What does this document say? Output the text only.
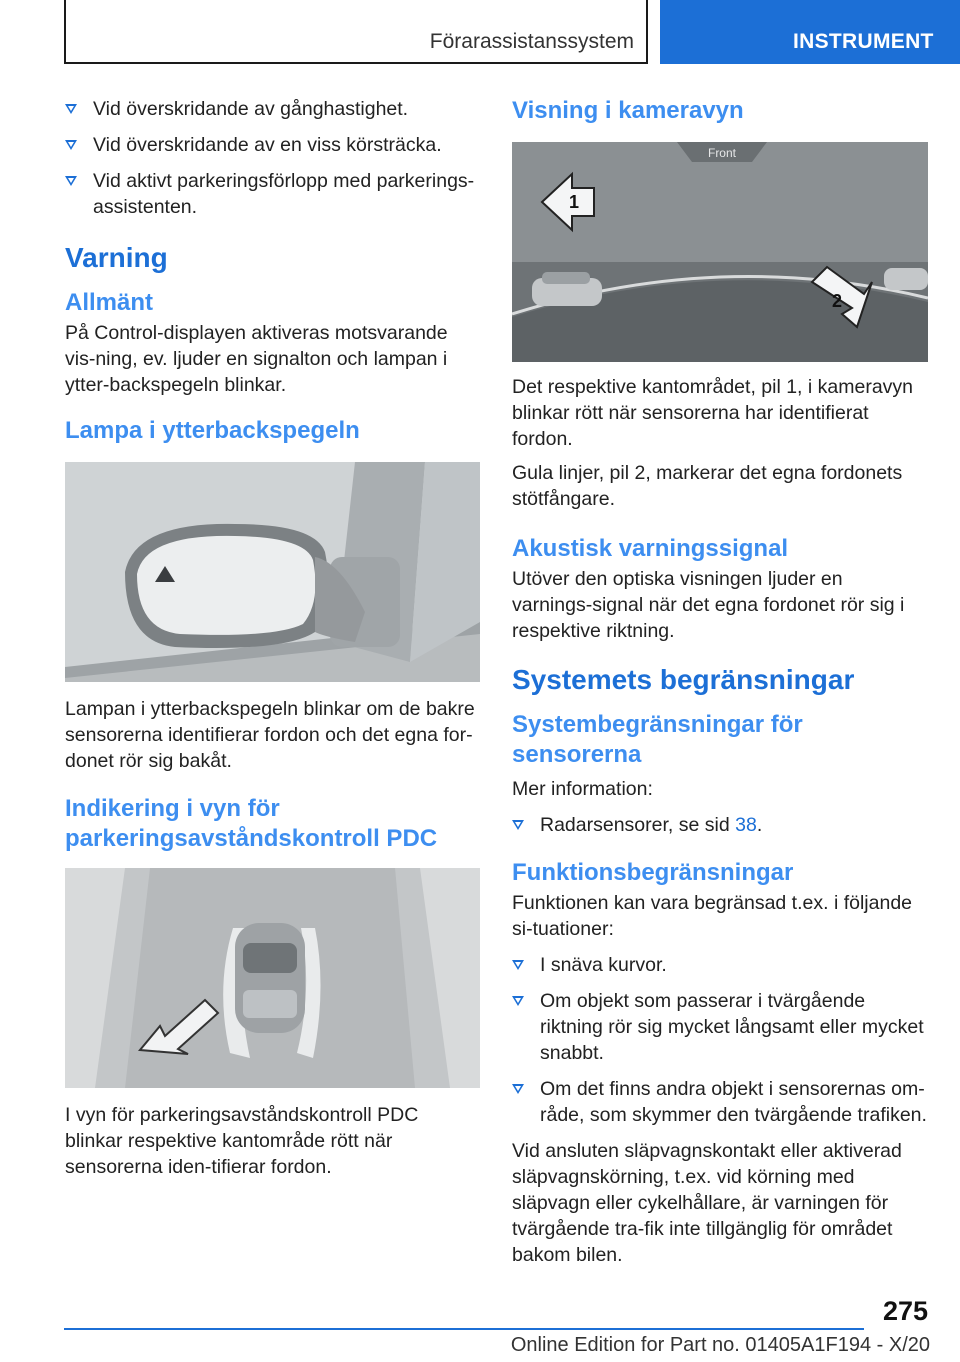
Förarassistanssystem	INSTRUMENT
Vid överskridande av gånghastighet.
Vid överskridande av en viss körsträcka.
Vid aktivt parkeringsförlopp med parkerings-assistenten.
Varning
Allmänt

På Control-displayen aktiveras motsvarande vis-ning, ev. ljuder en signalton och lampan i ytter-backspegeln blinkar.

Lampa i ytterbackspegeln

Lampan i ytterbackspegeln blinkar om de bakre sensorerna identifierar fordon och det egna for-donet rör sig bakåt.

Indikering i vyn för parkeringsavståndskontroll PDC

I vyn för parkeringsavståndskontroll PDC blinkar respektive kantområde rött när sensorerna iden-tifierar fordon.

Visning i kameravyn
Front
1
2

Det respektive kantområdet, pil 1, i kameravyn blinkar rött när sensorerna har identifierat fordon.

Gula linjer, pil 2, markerar det egna fordonets stötfångare.

Akustisk varningssignal

Utöver den optiska visningen ljuder en varnings-signal när det egna fordonet rör sig i respektive riktning.

Systemets begränsningar
Systembegränsningar för sensorerna

Mer information:

Radarsensorer, se sid 38.
Funktionsbegränsningar

Funktionen kan vara begränsad t.ex. i följande si-tuationer:

I snäva kurvor.
Om objekt som passerar i tvärgående riktning rör sig mycket långsamt eller mycket snabbt.
Om det finns andra objekt i sensorernas om-råde, som skymmer den tvärgående trafiken.

Vid ansluten släpvagnskontakt eller aktiverad släpvagnskörning, t.ex. vid körning med släpvagn eller cykelhållare, är varningen för tvärgående tra-fik inte tillgänglig för området bakom bilen.

275
Online Edition for Part no. 01405A1F194 - X/20
